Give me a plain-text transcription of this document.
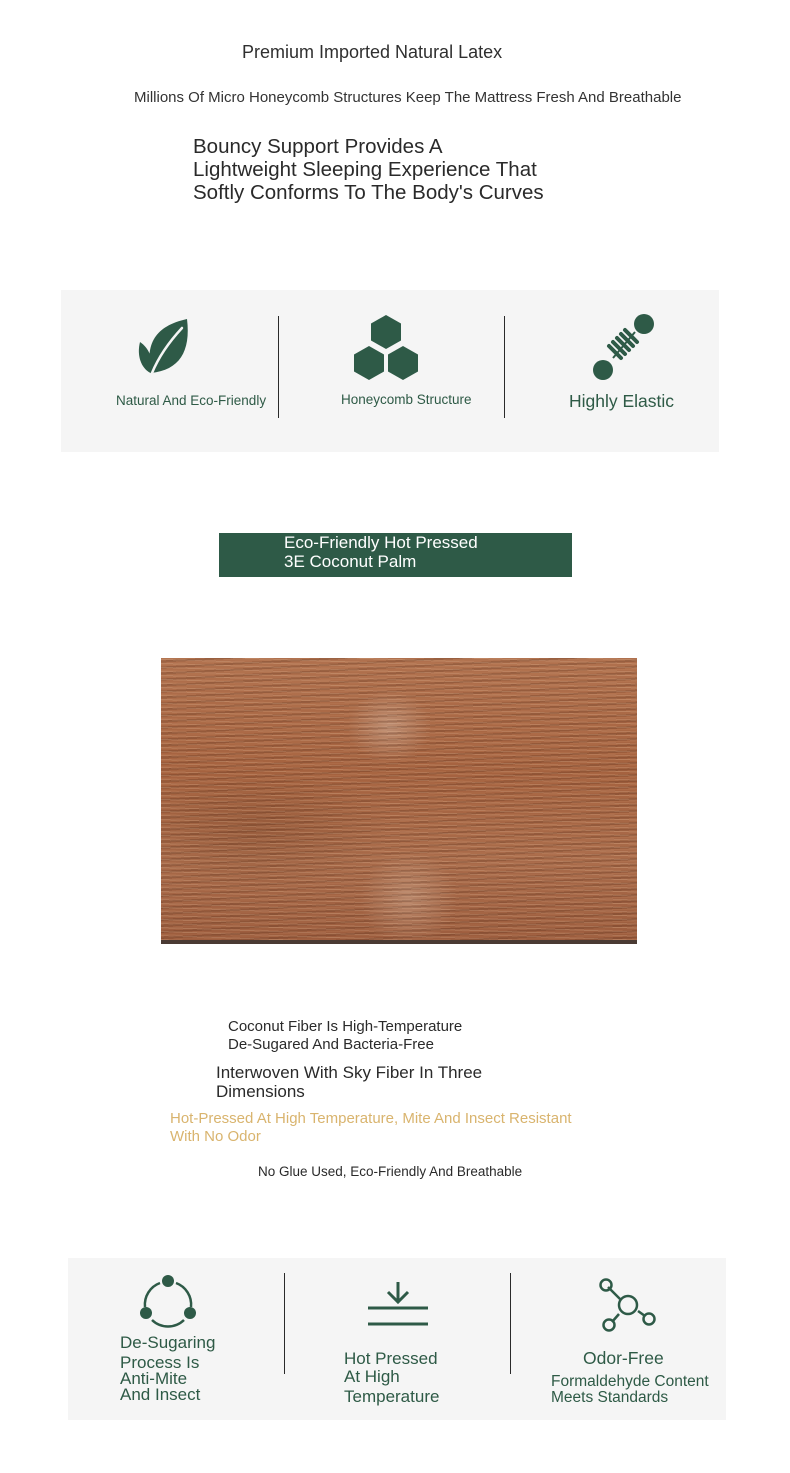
Premium Imported Natural Latex
Millions Of Micro Honeycomb Structures Keep The Mattress Fresh And Breathable
Bouncy Support Provides A
Lightweight Sleeping Experience That
Softly Conforms To The Body's Curves
Natural And Eco-Friendly	Honeycomb Structure	Highly Elastic
Eco-Friendly Hot Pressed
3E Coconut Palm
Coconut Fiber Is High-Temperature
De-Sugared And Bacteria-Free
Interwoven With Sky Fiber In Three
Dimensions
Hot-Pressed At High Temperature, Mite And Insect Resistant
With No Odor
No Glue Used, Eco-Friendly And Breathable
De-Sugaring
Process Is
Anti-Mite
And Insect
Hot Pressed
At High
Temperature
Odor-Free
Formaldehyde Content
Meets Standards
